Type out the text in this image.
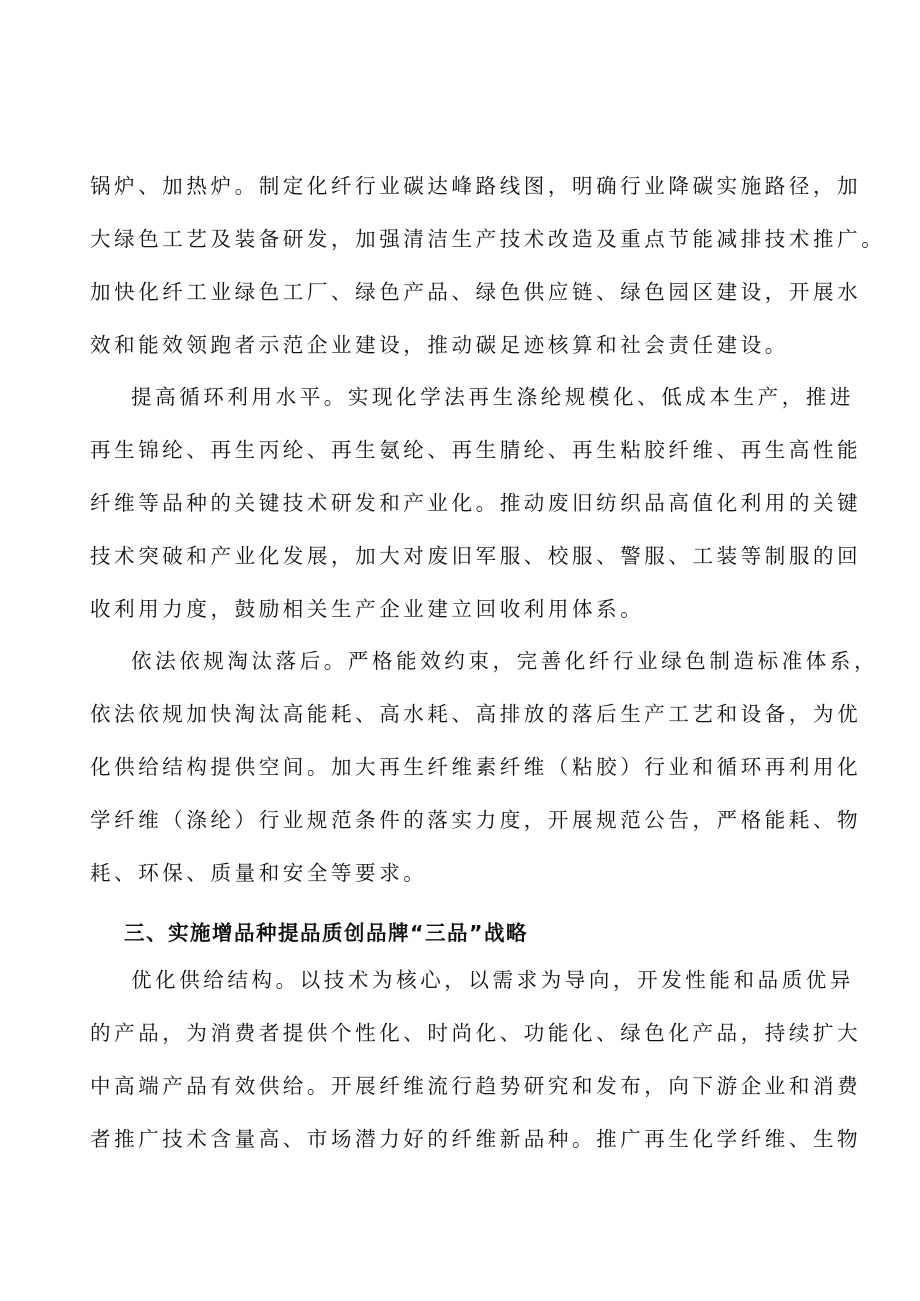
锅炉、加热炉。制定化纤行业碳达峰路线图，明确行业降碳实施路径，加
大绿色工艺及装备研发，加强清洁生产技术改造及重点节能减排技术推广。
加快化纤工业绿色工厂、绿色产品、绿色供应链、绿色园区建设，开展水
效和能效领跑者示范企业建设，推动碳足迹核算和社会责任建设。
提高循环利用水平。实现化学法再生涤纶规模化、低成本生产，推进
再生锦纶、再生丙纶、再生氨纶、再生腈纶、再生粘胶纤维、再生高性能
纤维等品种的关键技术研发和产业化。推动废旧纺织品高值化利用的关键
技术突破和产业化发展，加大对废旧军服、校服、警服、工装等制服的回
收利用力度，鼓励相关生产企业建立回收利用体系。
依法依规淘汰落后。严格能效约束，完善化纤行业绿色制造标准体系，
依法依规加快淘汰高能耗、高水耗、高排放的落后生产工艺和设备，为优
化供给结构提供空间。加大再生纤维素纤维（粘胶）行业和循环再利用化
学纤维（涤纶）行业规范条件的落实力度，开展规范公告，严格能耗、物
耗、环保、质量和安全等要求。
三、实施增品种提品质创品牌“三品”战略
优化供给结构。以技术为核心，以需求为导向，开发性能和品质优异
的产品，为消费者提供个性化、时尚化、功能化、绿色化产品，持续扩大
中高端产品有效供给。开展纤维流行趋势研究和发布，向下游企业和消费
者推广技术含量高、市场潜力好的纤维新品种。推广再生化学纤维、生物
